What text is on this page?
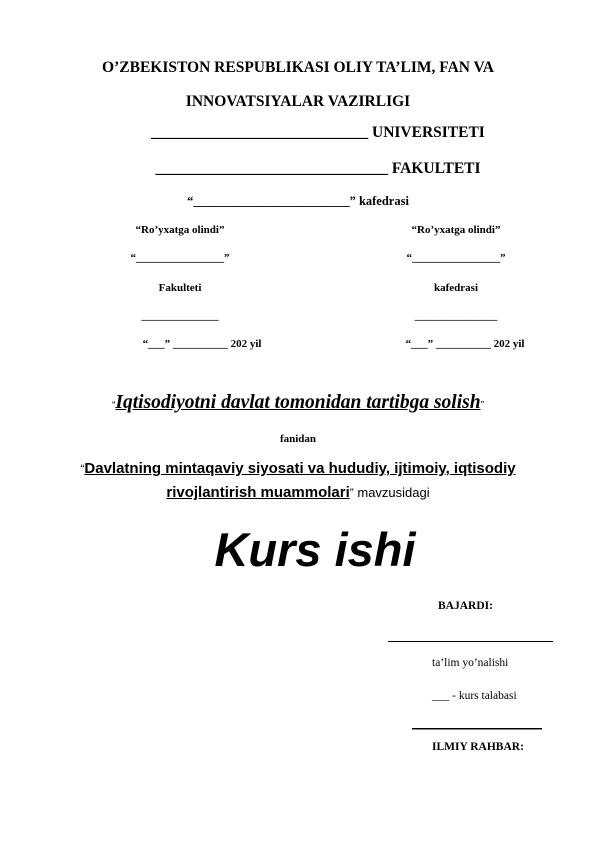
O’ZBEKISTON RESPUBLIKASI OLIY TA’LIM, FAN VA
INNOVATSIYALAR VAZIRLIGI
____________________________ UNIVERSITETI
______________________________ FAKULTETI
“_________________________” kafedrasi
“Ro’yxatga olindi”
“________________”
Fakulteti
______________
“___” __________ 202 yil
“Ro’yxatga olindi”
“________________”
kafedrasi
_______________
“___” __________ 202 yil
“Iqtisodiyotni davlat tomonidan tartibga solish”
fanidan
“Davlatning mintaqaviy siyosati va hududiy, ijtimoiy, iqtisodiy
rivojlantirish muammolari” mavzusidagi
Kurs ishi
BAJARDI:
ta’lim yo’nalishi
___ - kurs talabasi
ILMIY RAHBAR:
